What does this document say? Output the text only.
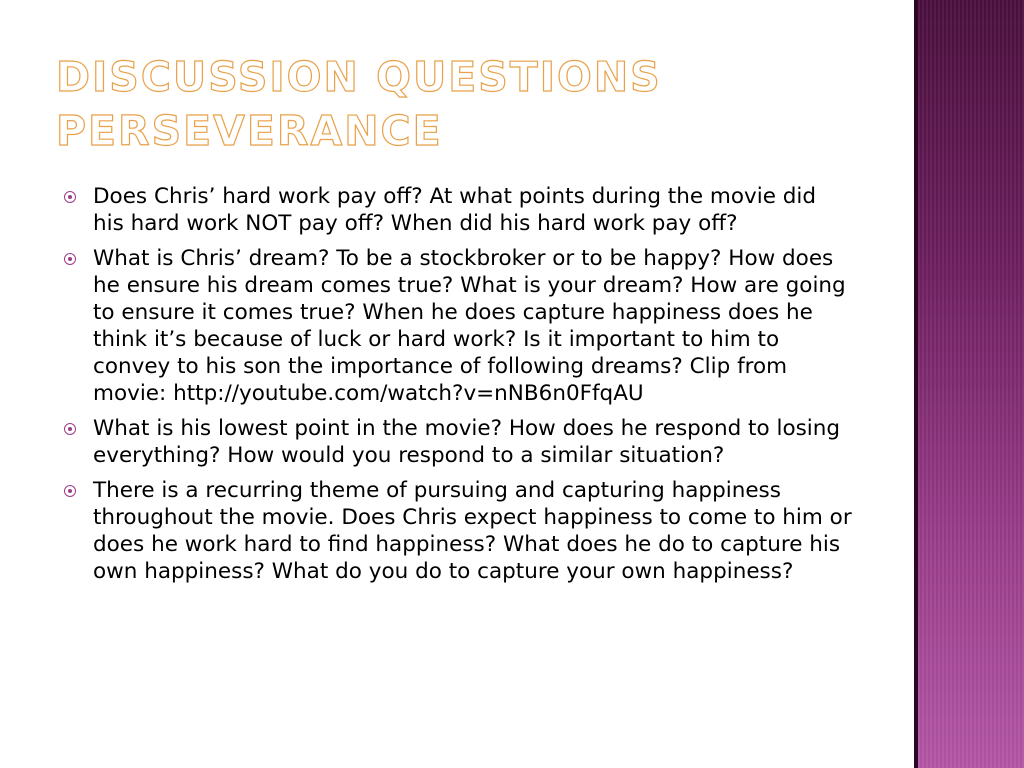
DISCUSSION QUESTIONS
PERSEVERANCE
Does Chris’ hard work pay off? At what points during the movie did his hard work NOT pay off? When did his hard work pay off?
What is Chris’ dream? To be a stockbroker or to be happy? How does he ensure his dream comes true? What is your dream? How are going to ensure it comes true? When he does capture happiness does he think it’s because of luck or hard work? Is it important to him to convey to his son the importance of following dreams? Clip from movie: http://youtube.com/watch?v=nNB6n0FfqAU
What is his lowest point in the movie? How does he respond to losing everything? How would you respond to a similar situation?
There is a recurring theme of pursuing and capturing happiness throughout the movie. Does Chris expect happiness to come to him or does he work hard to find happiness? What does he do to capture his own happiness? What do you do to capture your own happiness?
